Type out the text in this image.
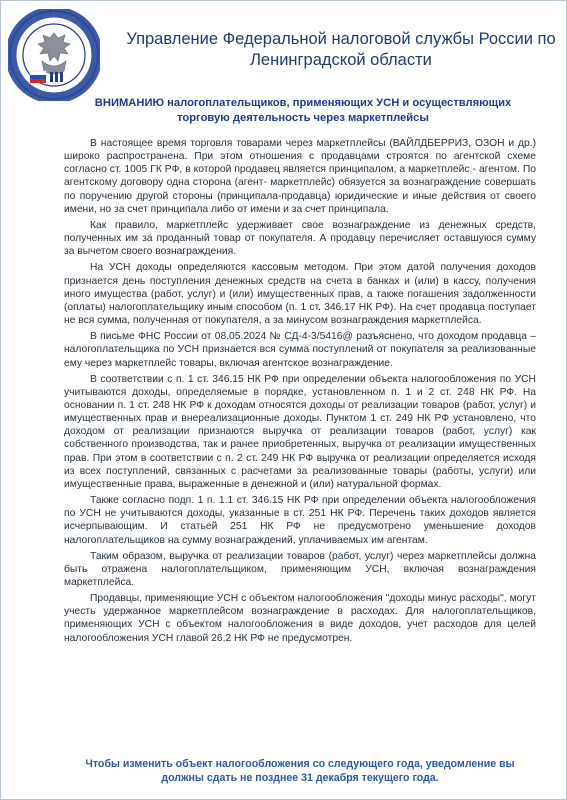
Управление Федеральной налоговой службы России по
Ленинградской области
ВНИМАНИЮ налогоплательщиков, применяющих УСН и осуществляющих
торговую деятельность через маркетплейсы

В настоящее время торговля товарами через маркетплейсы (ВАЙЛДБЕРРИЗ, ОЗОН и др.) широко распространена. При этом отношения с продавцами строятся по агентской схеме согласно ст. 1005 ГК РФ, в которой продавец является принципалом, а маркетплейс - агентом. По агентскому договору одна сторона (агент- маркетплейс) обязуется за вознаграждение совершать по поручению другой стороны (принципала-продавца) юридические и иные действия от своего имени, но за счет принципала либо от имени и за счет принципала.

Как правило, маркетплейс удерживает свое вознаграждение из денежных средств, полученных им за проданный товар от покупателя. А продавцу перечисляет оставшуюся сумму за вычетом своего вознаграждения.

На УСН доходы определяются кассовым методом. При этом датой получения доходов признается день поступления денежных средств на счета в банках и (или) в кассу, получения иного имущества (работ, услуг) и (или) имущественных прав, а также погашения задолженности (оплаты) налогоплательщику иным способом (п. 1 ст. 346.17 НК РФ). На счет продавца поступает не вся сумма, полученная от покупателя, а за минусом вознаграждения маркетплейса.

В письме ФНС России от 08.05.2024 № СД-4-3/5416@ разъяснено, что доходом продавца – налогоплательщика по УСН признается вся сумма поступлений от покупателя за реализованные ему через маркетплейс товары, включая агентское вознаграждение.

В соответствии с п. 1 ст. 346.15 НК РФ при определении объекта налогообложения по УСН учитываются доходы, определяемые в порядке, установленном п. 1 и 2 ст. 248 НК РФ. На основании п. 1 ст. 248 НК РФ к доходам относятся доходы от реализации товаров (работ, услуг) и имущественных прав и внереализационные доходы. Пунктом 1 ст. 249 НК РФ установлено, что доходом от реализации признаются выручка от реализации товаров (работ, услуг) как собственного производства, так и ранее приобретенных, выручка от реализации имущественных прав. При этом в соответствии с п. 2 ст. 249 НК РФ выручка от реализации определяется исходя из всех поступлений, связанных с расчетами за реализованные товары (работы, услуги) или имущественные права, выраженные в денежной и (или) натуральной формах.

Также согласно подп. 1 п. 1.1 ст. 346.15 НК РФ при определении объекта налогообложения по УСН не учитываются доходы, указанные в ст. 251 НК РФ. Перечень таких доходов является исчерпывающим. И статьей 251 НК РФ не предусмотрено уменьшение доходов налогоплательщиков на сумму вознаграждений, уплачиваемых им агентам.

Таким образом, выручка от реализации товаров (работ, услуг) через маркетплейсы должна быть отражена налогоплательщиком, применяющим УСН, включая вознаграждения маркетплейса.

Продавцы, применяющие УСН с объектом налогообложения "доходы минус расходы", могут учесть удержанное маркетплейсом вознаграждение в расходах. Для налогоплательщиков, применяющих УСН с объектом налогообложения в виде доходов, учет расходов для целей налогообложения УСН главой 26.2 НК РФ не предусмотрен.

Чтобы изменить объект налогообложения со следующего года, уведомление вы
должны сдать не позднее 31 декабря текущего года.
